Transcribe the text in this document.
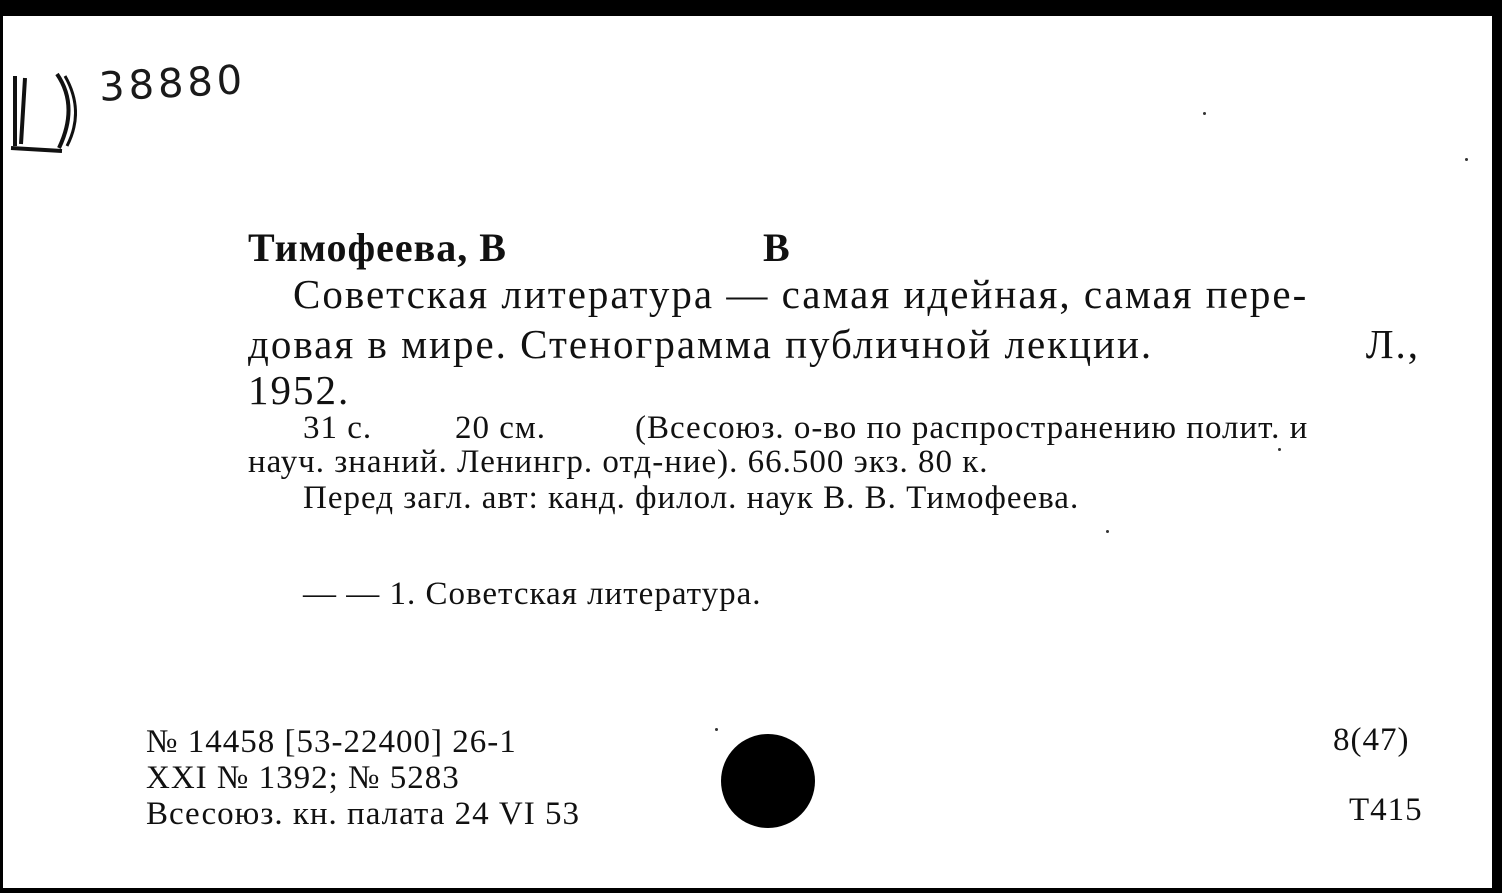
38880
Тимофеева, В	В
Советская литература — самая идейная, самая пере-
довая в мире. Стенограмма публичной лекции.	Л.,
1952.
31 с.	20 см.	(Всесоюз. о-во по распространению полит. и
науч. знаний. Ленингр. отд-ние). 66.500 экз. 80 к.
Перед загл. авт: канд. филол. наук В. В. Тимофеева.
— — 1. Советская литература.
№ 14458 [53-22400] 26-1
XXI № 1392; № 5283
Всесоюз. кн. палата 24 VI 53
8(47)
Т415
